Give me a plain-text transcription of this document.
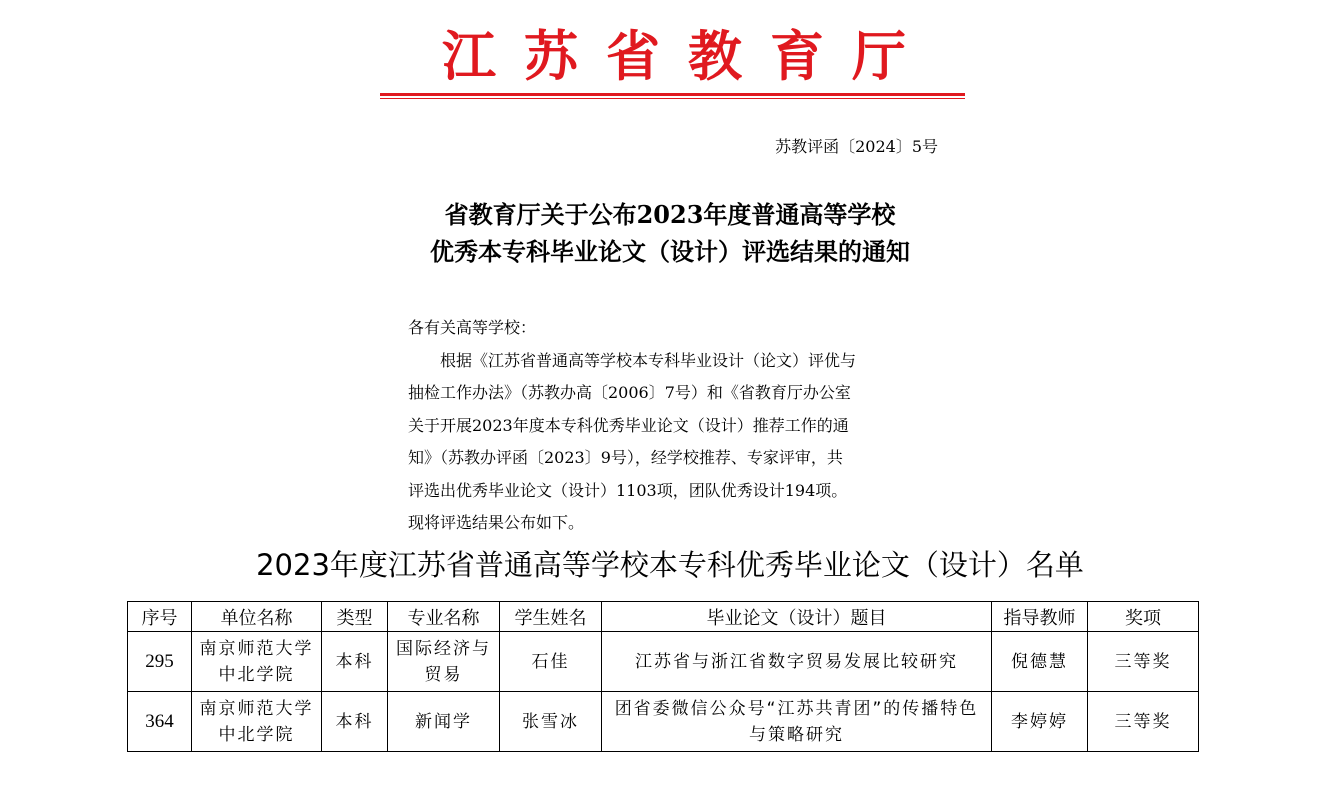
江苏省教育厅
苏教评函〔2024〕5号
省教育厅关于公布2023年度普通高等学校
优秀本专科毕业论文（设计）评选结果的通知
各有关高等学校：
　　根据《江苏省普通高等学校本专科毕业设计（论文）评优与
抽检工作办法》（苏教办高〔2006〕7号）和《省教育厅办公室
关于开展2023年度本专科优秀毕业论文（设计）推荐工作的通
知》（苏教办评函〔2023〕9号），经学校推荐、专家评审，共
评选出优秀毕业论文（设计）1103项，团队优秀设计194项。
现将评选结果公布如下。
2023年度江苏省普通高等学校本专科优秀毕业论文（设计）名单
序号	单位名称	类型	专业名称	学生姓名	毕业论文（设计）题目	指导教师	奖项
295	南京师范大学中北学院	本科	国际经济与贸易	石佳	江苏省与浙江省数字贸易发展比较研究	倪德慧	三等奖
364	南京师范大学中北学院	本科	新闻学	张雪冰	团省委微信公众号“江苏共青团”的传播特色与策略研究	李婷婷	三等奖
